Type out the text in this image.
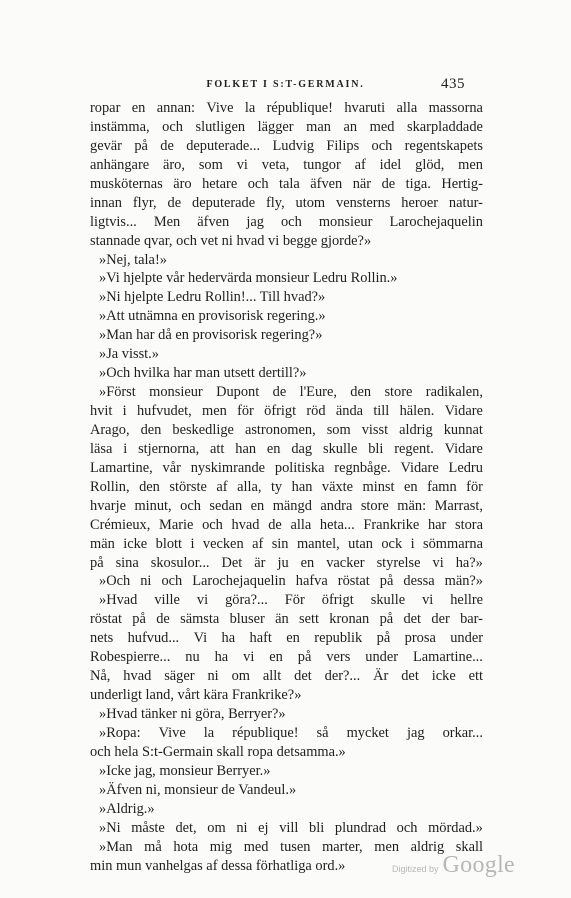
FOLKET I S:T-GERMAIN.	435
ropar en annan: Vive la république! hvaruti alla massorna
instämma, och slutligen lägger man an med skarpladdade
gevär på de deputerade... Ludvig Filips och regentskapets
anhängare äro, som vi veta, tungor af idel glöd, men
musköternas äro hetare och tala äfven när de tiga. Hertig-
innan flyr, de deputerade fly, utom vensterns heroer natur-
ligtvis... Men äfven jag och monsieur Larochejaquelin
stannade qvar, och vet ni hvad vi begge gjorde?»
»Nej, tala!»
»Vi hjelpte vår hedervärda monsieur Ledru Rollin.»
»Ni hjelpte Ledru Rollin!... Till hvad?»
»Att utnämna en provisorisk regering.»
»Man har då en provisorisk regering?»
»Ja visst.»
»Och hvilka har man utsett dertill?»
»Först monsieur Dupont de l'Eure, den store radikalen,
hvit i hufvudet, men för öfrigt röd ända till hälen. Vidare
Arago, den beskedlige astronomen, som visst aldrig kunnat
läsa i stjernorna, att han en dag skulle bli regent. Vidare
Lamartine, vår nyskimrande politiska regnbåge. Vidare Ledru
Rollin, den störste af alla, ty han växte minst en famn för
hvarje minut, och sedan en mängd andra store män: Marrast,
Crémieux, Marie och hvad de alla heta... Frankrike har stora
män icke blott i vecken af sin mantel, utan ock i sömmarna
på sina skosulor... Det är ju en vacker styrelse vi ha?»
»Och ni och Larochejaquelin hafva röstat på dessa män?»
»Hvad ville vi göra?... För öfrigt skulle vi hellre
röstat på de sämsta bluser än sett kronan på det der bar-
nets hufvud... Vi ha haft en republik på prosa under
Robespierre... nu ha vi en på vers under Lamartine...
Nå, hvad säger ni om allt det der?... Är det icke ett
underligt land, vårt kära Frankrike?»
»Hvad tänker ni göra, Berryer?»
»Ropa: Vive la république! så mycket jag orkar...
och hela S:t-Germain skall ropa detsamma.»
»Icke jag, monsieur Berryer.»
»Äfven ni, monsieur de Vandeul.»
»Aldrig.»
»Ni måste det, om ni ej vill bli plundrad och mördad.»
»Man må hota mig med tusen marter, men aldrig skall
min mun vanhelgas af dessa förhatliga ord.»	Digitized by Google
